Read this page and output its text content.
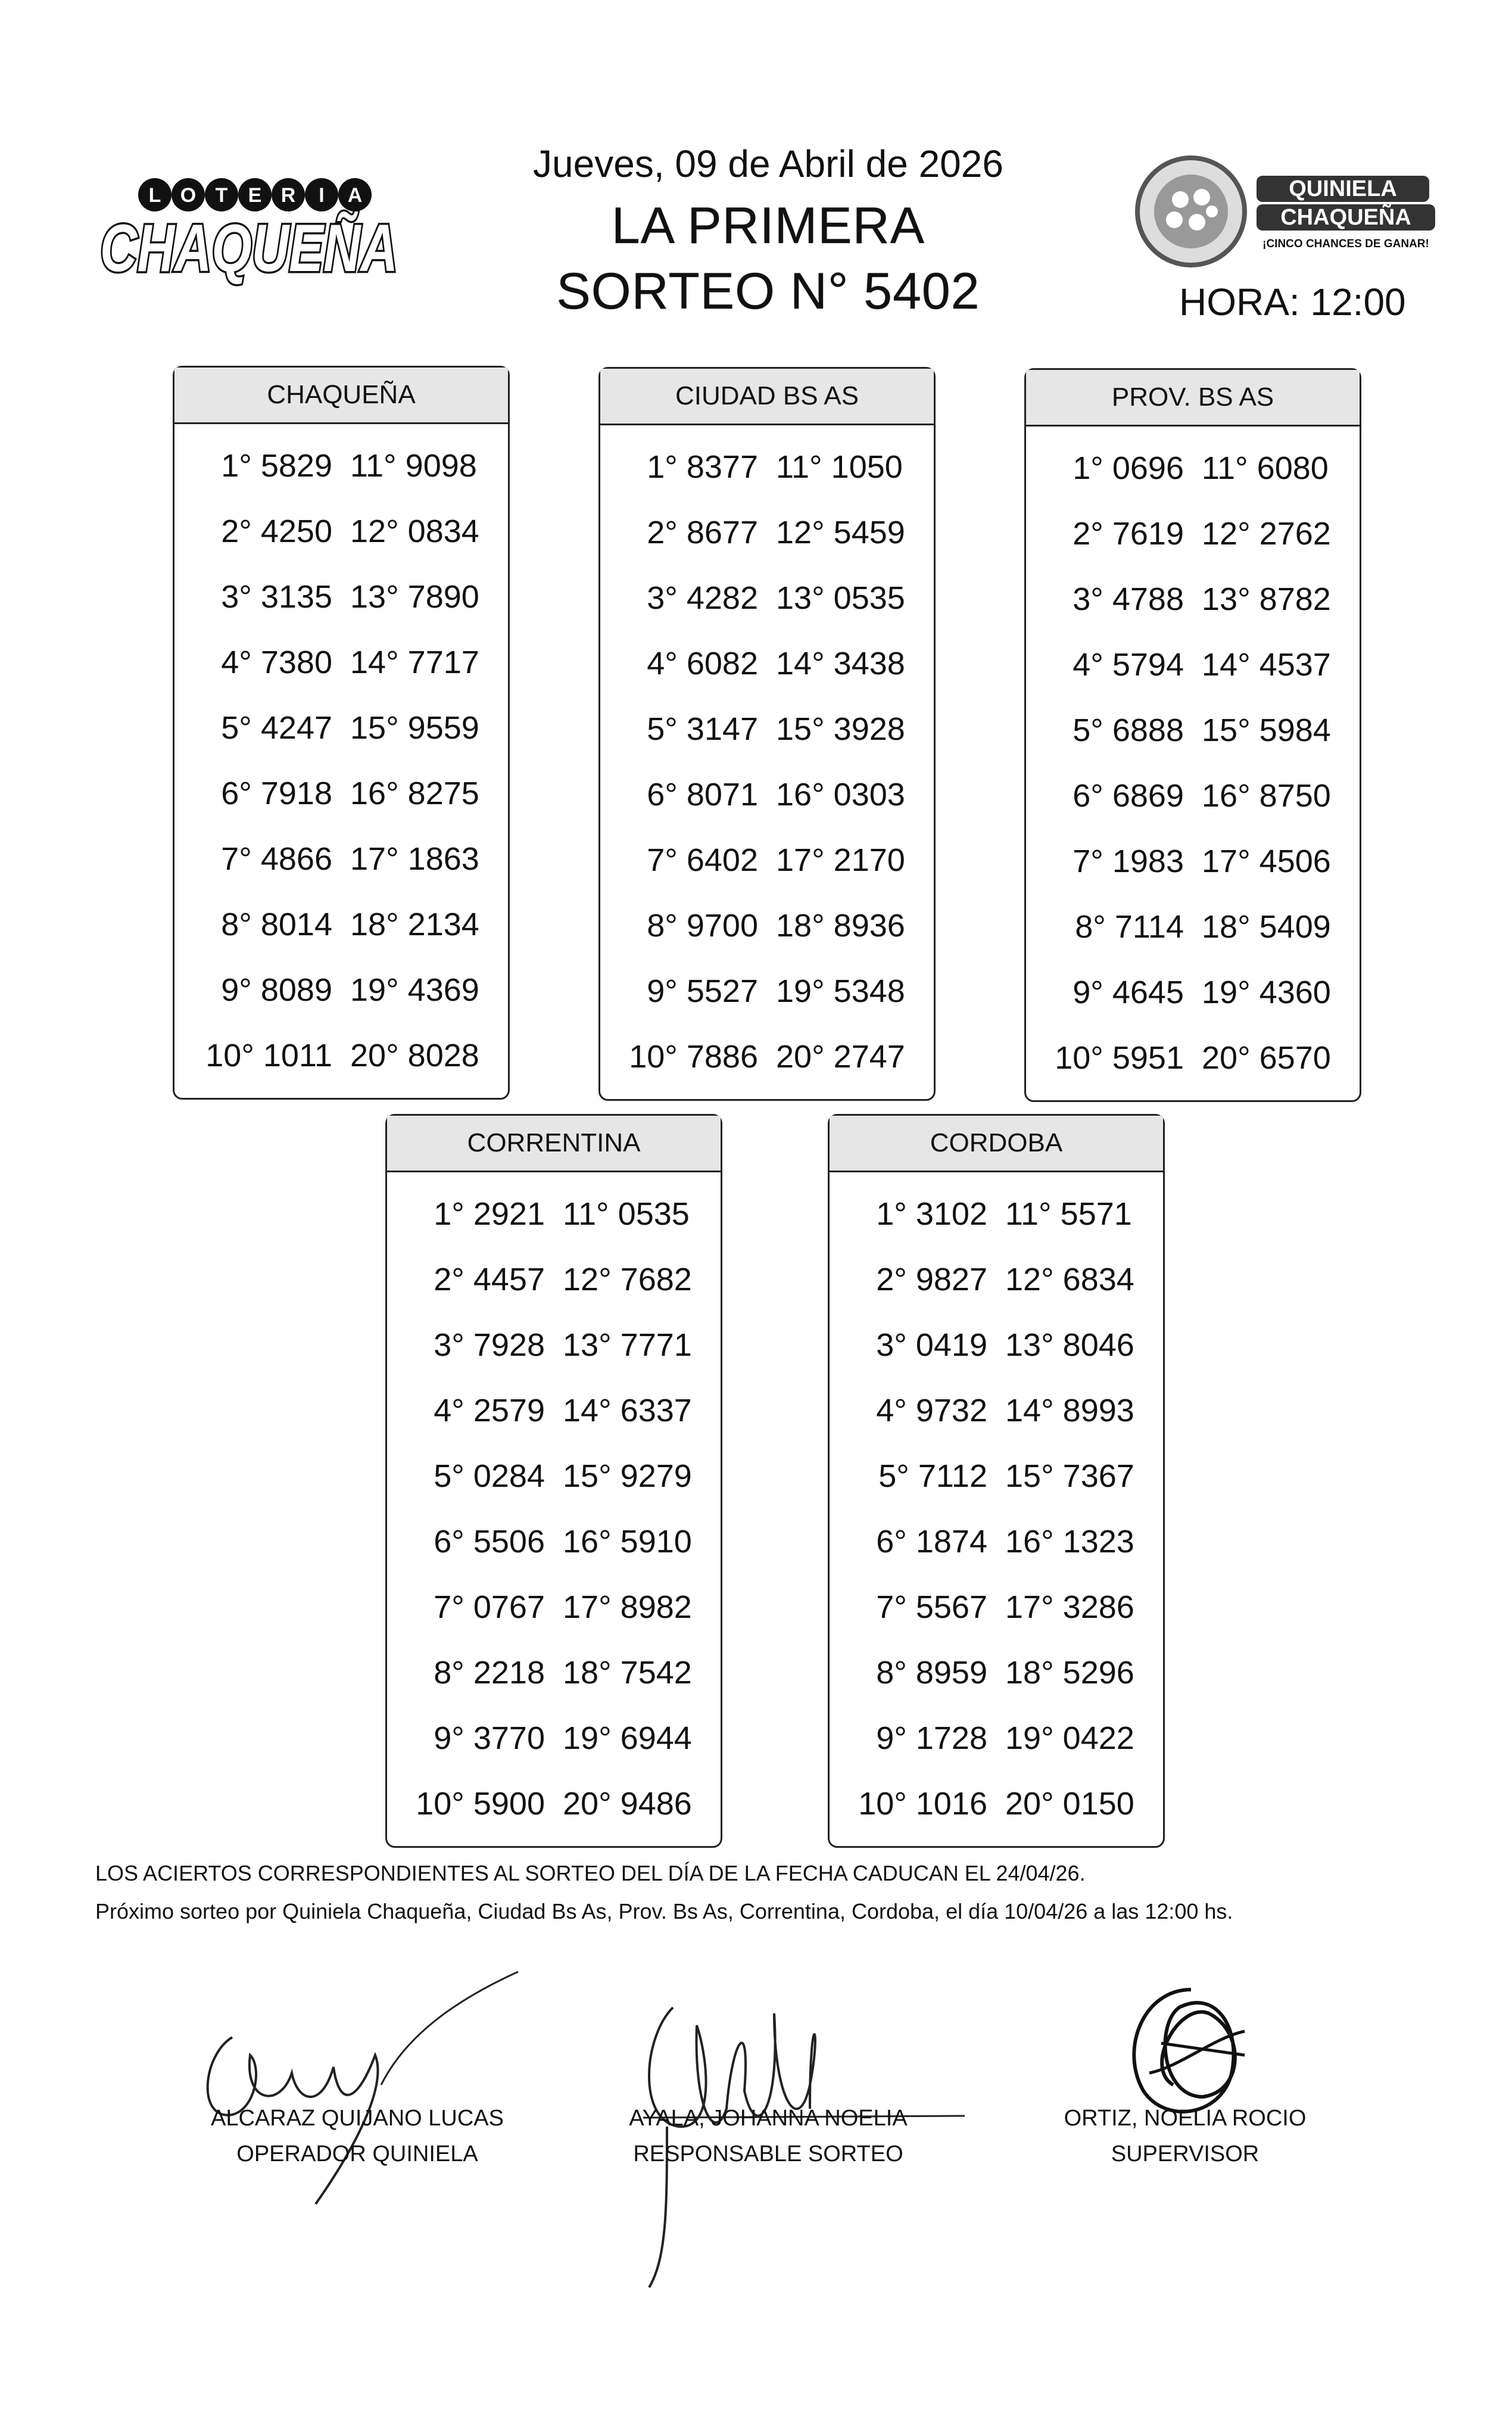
L O T E R I A
CHAQUEÑA
QUINIELA
CHAQUEÑA
¡CINCO CHANCES DE GANAR!
Jueves, 09 de Abril de 2026
LA PRIMERA
SORTEO N° 5402	HORA: 12:00
CHAQUEÑA
1° 5829 11° 9098
2° 4250 12° 0834
3° 3135 13° 7890
4° 7380 14° 7717
5° 4247 15° 9559
6° 7918 16° 8275
7° 4866 17° 1863
8° 8014 18° 2134
9° 8089 19° 4369
10° 1011 20° 8028
CIUDAD BS AS
1° 8377 11° 1050
2° 8677 12° 5459
3° 4282 13° 0535
4° 6082 14° 3438
5° 3147 15° 3928
6° 8071 16° 0303
7° 6402 17° 2170
8° 9700 18° 8936
9° 5527 19° 5348
10° 7886 20° 2747
PROV. BS AS
1° 0696 11° 6080
2° 7619 12° 2762
3° 4788 13° 8782
4° 5794 14° 4537
5° 6888 15° 5984
6° 6869 16° 8750
7° 1983 17° 4506
8° 7114 18° 5409
9° 4645 19° 4360
10° 5951 20° 6570
CORRENTINA
1° 2921 11° 0535
2° 4457 12° 7682
3° 7928 13° 7771
4° 2579 14° 6337
5° 0284 15° 9279
6° 5506 16° 5910
7° 0767 17° 8982
8° 2218 18° 7542
9° 3770 19° 6944
10° 5900 20° 9486
CORDOBA
1° 3102 11° 5571
2° 9827 12° 6834
3° 0419 13° 8046
4° 9732 14° 8993
5° 7112 15° 7367
6° 1874 16° 1323
7° 5567 17° 3286
8° 8959 18° 5296
9° 1728 19° 0422
10° 1016 20° 0150
LOS ACIERTOS CORRESPONDIENTES AL SORTEO DEL DÍA DE LA FECHA CADUCAN EL 24/04/26.
Próximo sorteo por Quiniela Chaqueña, Ciudad Bs As, Prov. Bs As, Correntina, Cordoba, el día 10/04/26 a las 12:00 hs.
ALCARAZ QUIJANO LUCAS
OPERADOR QUINIELA
AYALA, JOHANNA NOELIA
RESPONSABLE SORTEO
ORTIZ, NOELIA ROCIO
SUPERVISOR
